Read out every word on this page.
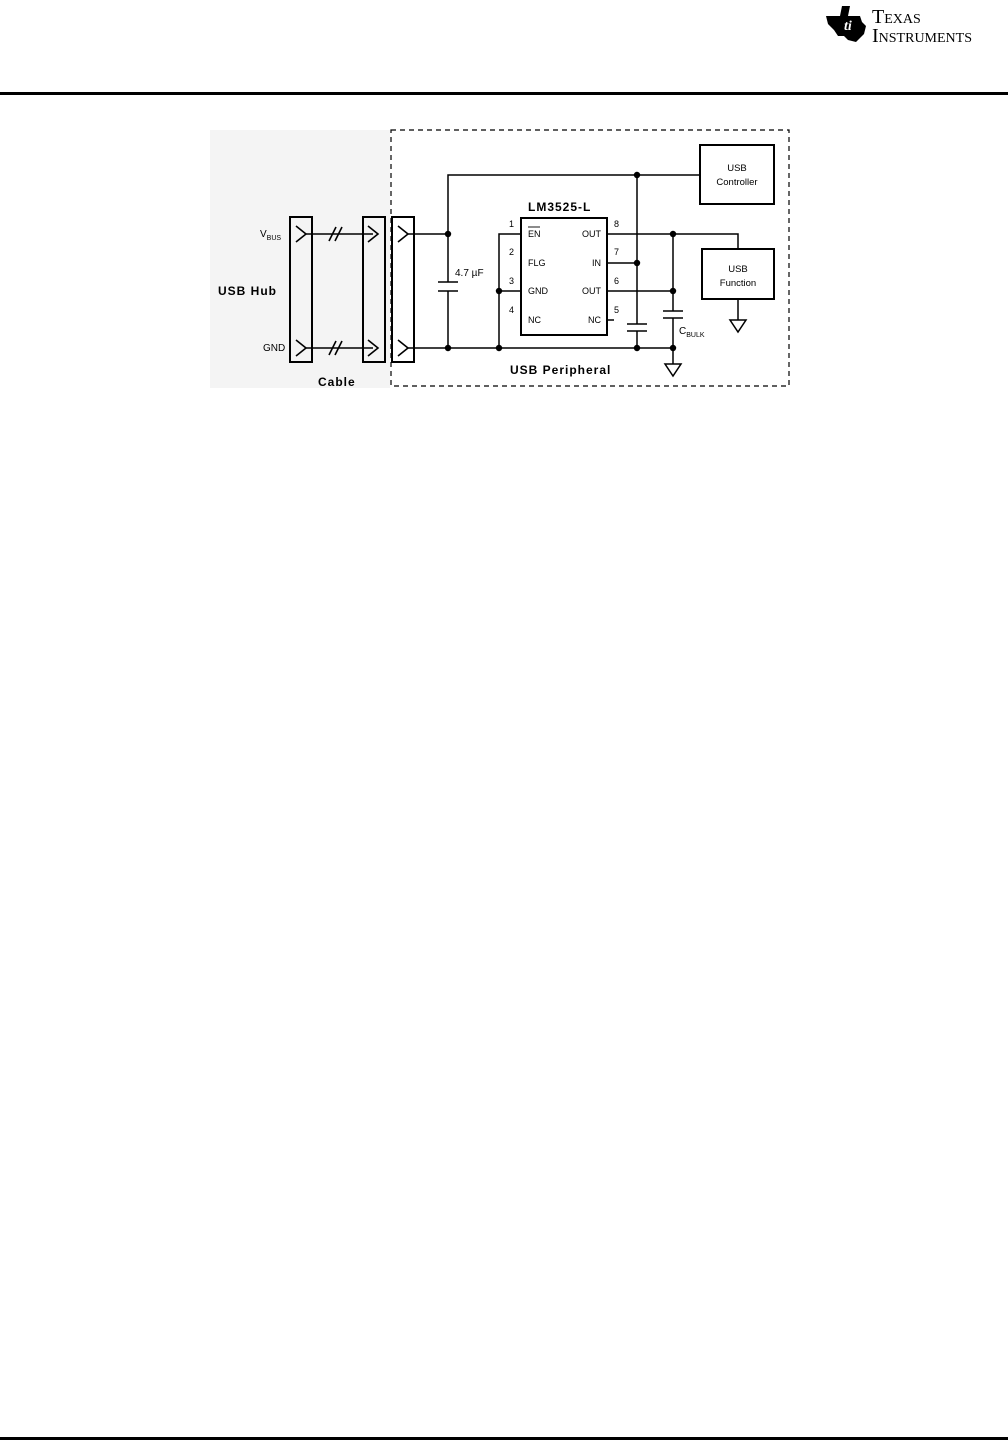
ti Texas
Instruments
$V_{BUS}$
GND
USB Hub
Cable
USB Peripheral
LM3525-L
4.7 µF
$C_{BULK}$
USB
Controller
USB
Function
1
2
3
4
EN
FLG
GND
NC
8
7
6
5
OUT
IN
OUT
NC
